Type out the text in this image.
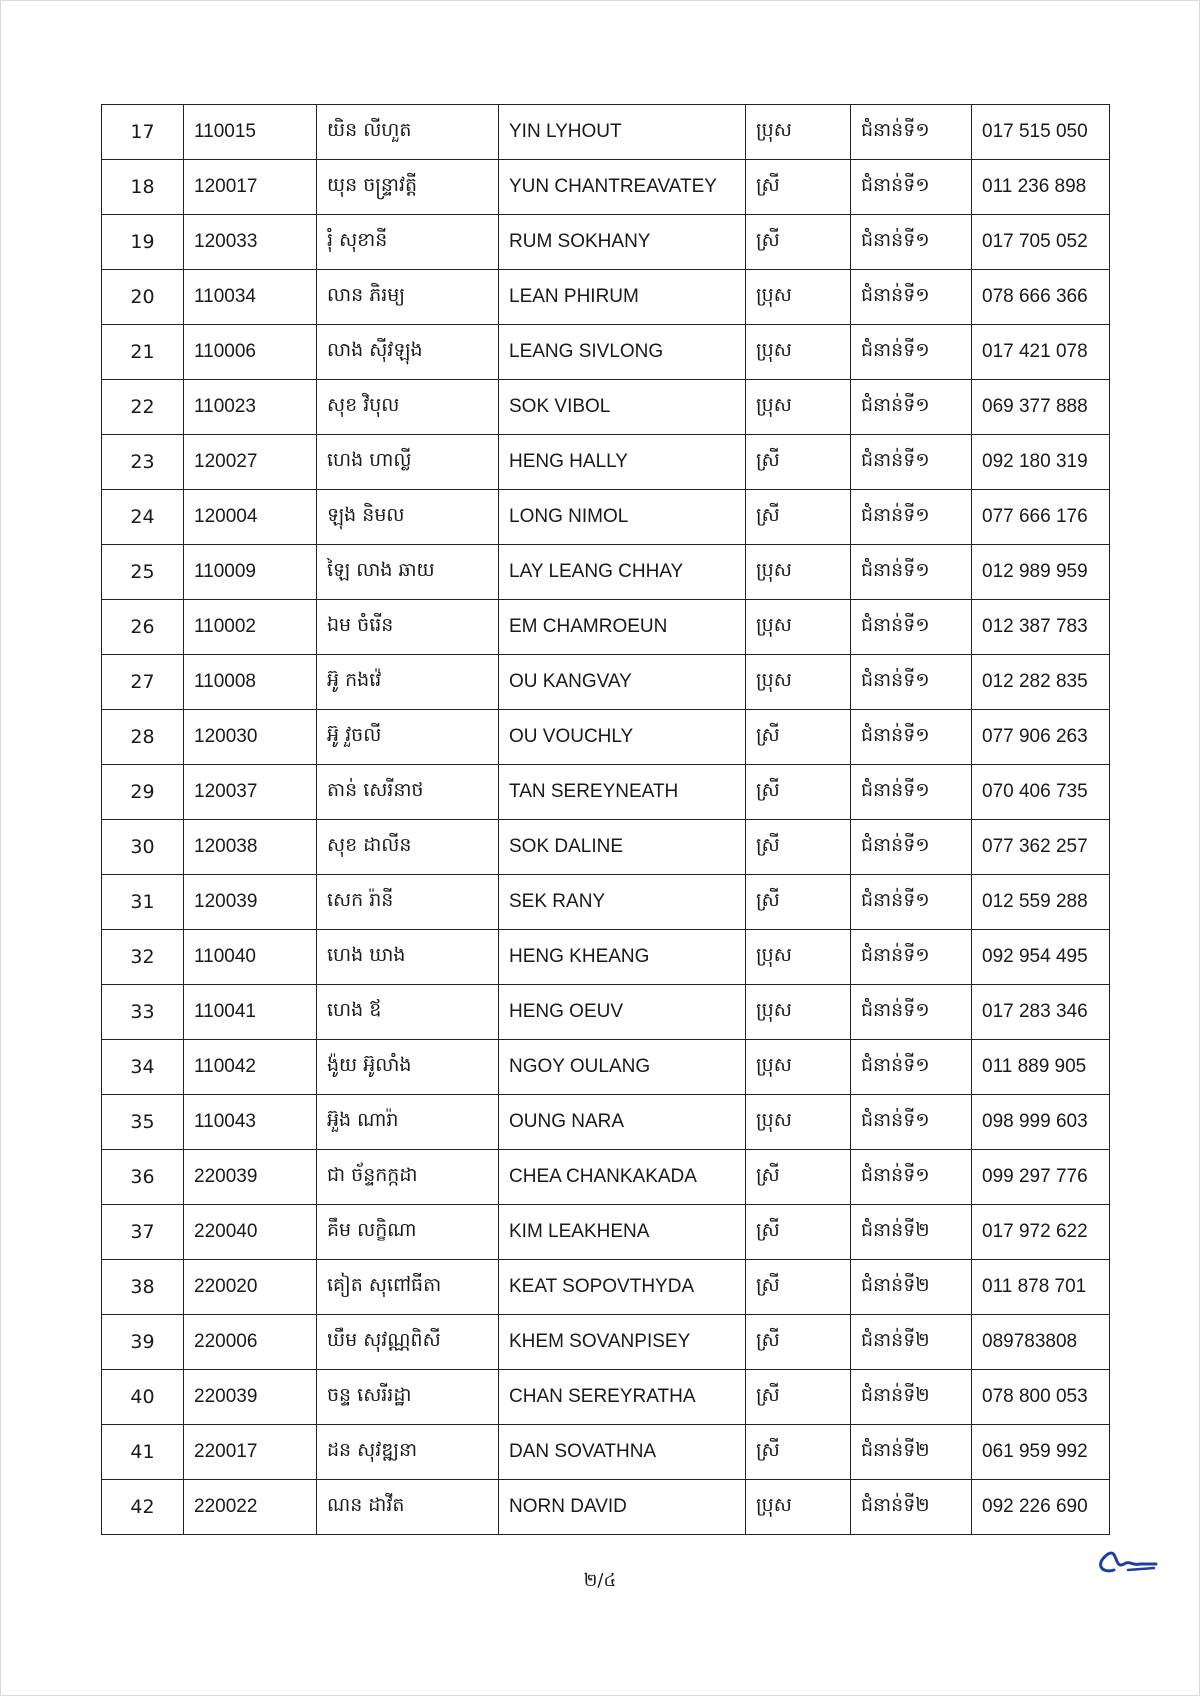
17	110015	យិន លីហួត	YIN LYHOUT	ប្រុស	ជំនាន់ទី១	017 515 050
18	120017	យុន ចន្ទ្រាវត្តី	YUN CHANTREAVATEY	ស្រី	ជំនាន់ទី១	011 236 898
19	120033	រុំ សុខានី	RUM SOKHANY	ស្រី	ជំនាន់ទី១	017 705 052
20	110034	លាន ភិរម្យ	LEAN PHIRUM	ប្រុស	ជំនាន់ទី១	078 666 366
21	110006	លាង ស៊ីវឡុង	LEANG SIVLONG	ប្រុស	ជំនាន់ទី១	017 421 078
22	110023	សុខ វិបុល	SOK VIBOL	ប្រុស	ជំនាន់ទី១	069 377 888
23	120027	ហេង ហាល្លី	HENG HALLY	ស្រី	ជំនាន់ទី១	092 180 319
24	120004	ឡុង និមល	LONG NIMOL	ស្រី	ជំនាន់ទី១	077 666 176
25	110009	ឡៃ លាង ឆាយ	LAY LEANG CHHAY	ប្រុស	ជំនាន់ទី១	012 989 959
26	110002	ឯម ចំរើន	EM CHAMROEUN	ប្រុស	ជំនាន់ទី១	012 387 783
27	110008	អ៊ូ កងវ៉េ	OU KANGVAY	ប្រុស	ជំនាន់ទី១	012 282 835
28	120030	អ៊ូ វួចលី	OU VOUCHLY	ស្រី	ជំនាន់ទី១	077 906 263
29	120037	តាន់ សេរីនាថ	TAN SEREYNEATH	ស្រី	ជំនាន់ទី១	070 406 735
30	120038	សុខ ដាលីន	SOK DALINE	ស្រី	ជំនាន់ទី១	077 362 257
31	120039	សេក រ៉ានី	SEK RANY	ស្រី	ជំនាន់ទី១	012 559 288
32	110040	ហេង ឃាង	HENG KHEANG	ប្រុស	ជំនាន់ទី១	092 954 495
33	110041	ហេង ឪ	HENG OEUV	ប្រុស	ជំនាន់ទី១	017 283 346
34	110042	ង៉ូយ អ៊ូលាំង	NGOY OULANG	ប្រុស	ជំនាន់ទី១	011 889 905
35	110043	អ៊ួង ណារ៉ា	OUNG NARA	ប្រុស	ជំនាន់ទី១	098 999 603
36	220039	ជា ច័ន្ទកក្កដា	CHEA CHANKAKADA	ស្រី	ជំនាន់ទី១	099 297 776
37	220040	គឹម លក្ខិណា	KIM LEAKHENA	ស្រី	ជំនាន់ទី២	017 972 622
38	220020	គៀត សុពៅធីតា	KEAT SOPOVTHYDA	ស្រី	ជំនាន់ទី២	011 878 701
39	220006	ឃឹម សុវណ្ណពិសី	KHEM SOVANPISEY	ស្រី	ជំនាន់ទី២	089783808
40	220039	ចន្ទ សេរីរដ្ឋា	CHAN SEREYRATHA	ស្រី	ជំនាន់ទី២	078 800 053
41	220017	ដន សុវឌ្ឍនា	DAN SOVATHNA	ស្រី	ជំនាន់ទី២	061 959 992
42	220022	ណន ដាវីត	NORN DAVID	ប្រុស	ជំនាន់ទី២	092 226 690
២/៤
